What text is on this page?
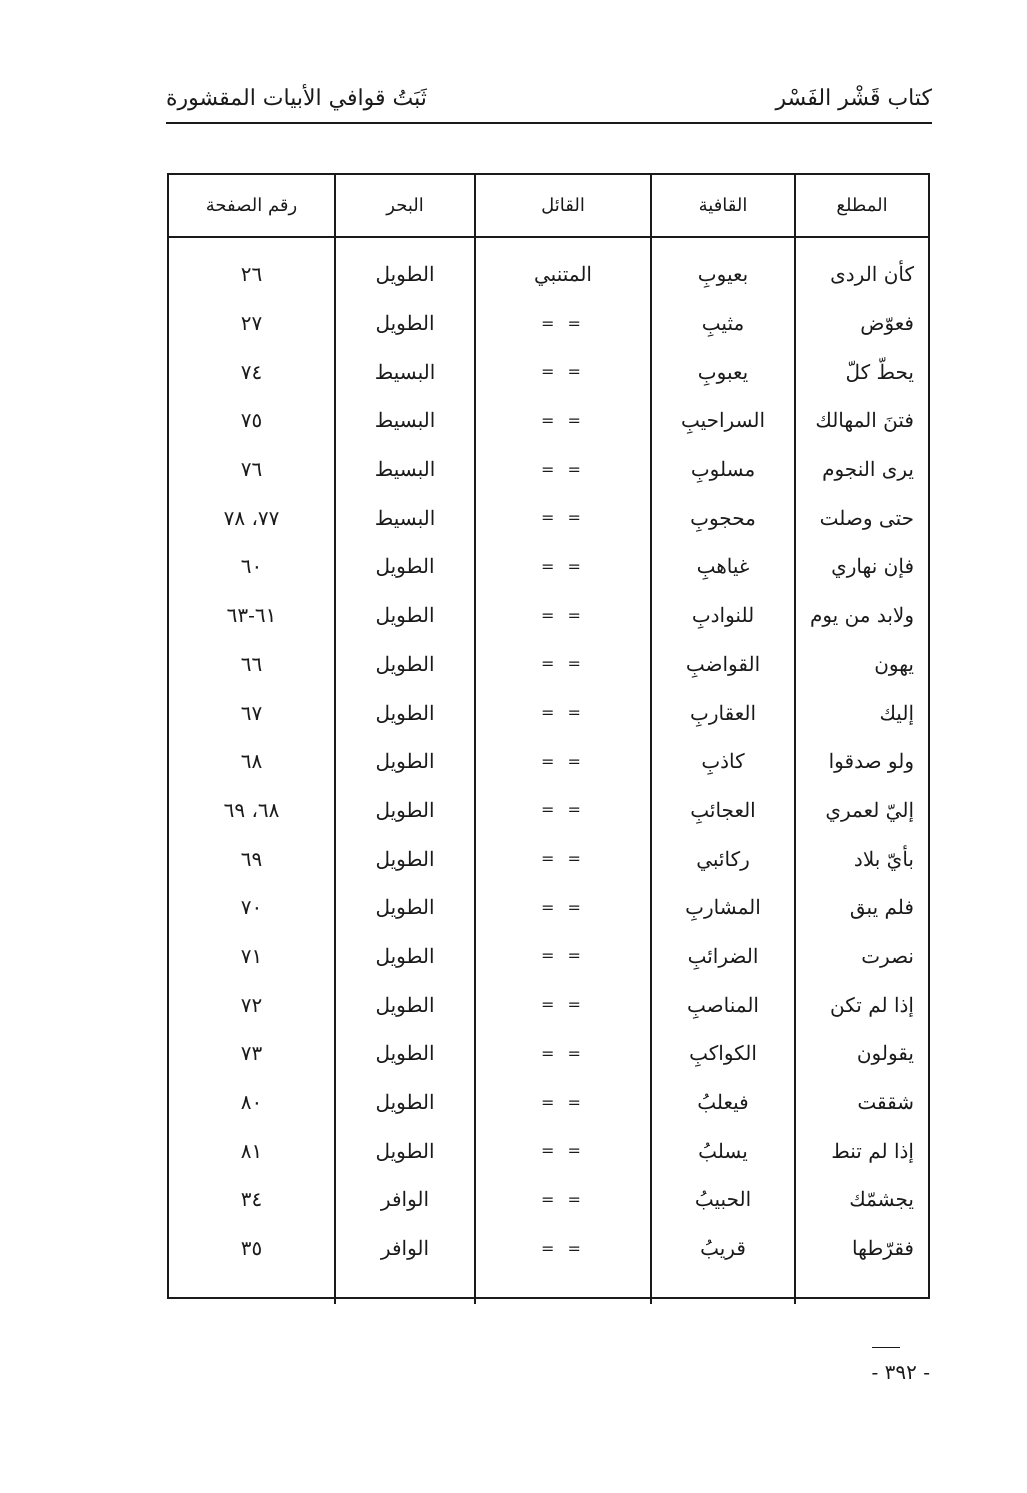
كتاب قَشْر الفَسْر
ثَبَتُ قوافي الأبيات المقشورة
المطلع	القافية	القائل	البحر	رقم الصفحة

كأن الردى	بعيوبِ	المتنبي	الطويل	٢٦
فعوّض	مثيبِ	= =	الطويل	٢٧
يحطّ كلّ	يعبوبِ	= =	البسيط	٧٤
فتنَ المهالك	السراحيبِ	= =	البسيط	٧٥
يرى النجوم	مسلوبِ	= =	البسيط	٧٦
حتى وصلت	محجوبِ	= =	البسيط	٧٧، ٧٨
فإن نهاري	غياهبِ	= =	الطويل	٦٠
ولابد من يوم	للنوادبِ	= =	الطويل	٦١-٦٣
يهون	القواضبِ	= =	الطويل	٦٦
إليك	العقاربِ	= =	الطويل	٦٧
ولو صدقوا	كاذبِ	= =	الطويل	٦٨
إليّ لعمري	العجائبِ	= =	الطويل	٦٨، ٦٩
بأيّ بلاد	ركائبي	= =	الطويل	٦٩
فلم يبق	المشاربِ	= =	الطويل	٧٠
نصرت	الضرائبِ	= =	الطويل	٧١
إذا لم تكن	المناصبِ	= =	الطويل	٧٢
يقولون	الكواكبِ	= =	الطويل	٧٣
شققت	فيعلبُ	= =	الطويل	٨٠
إذا لم تنط	يسلبُ	= =	الطويل	٨١
يجشمّك	الحبيبُ	= =	الوافر	٣٤
فقرّطها	قريبُ	= =	الوافر	٣٥

- ٣٩٢ -
